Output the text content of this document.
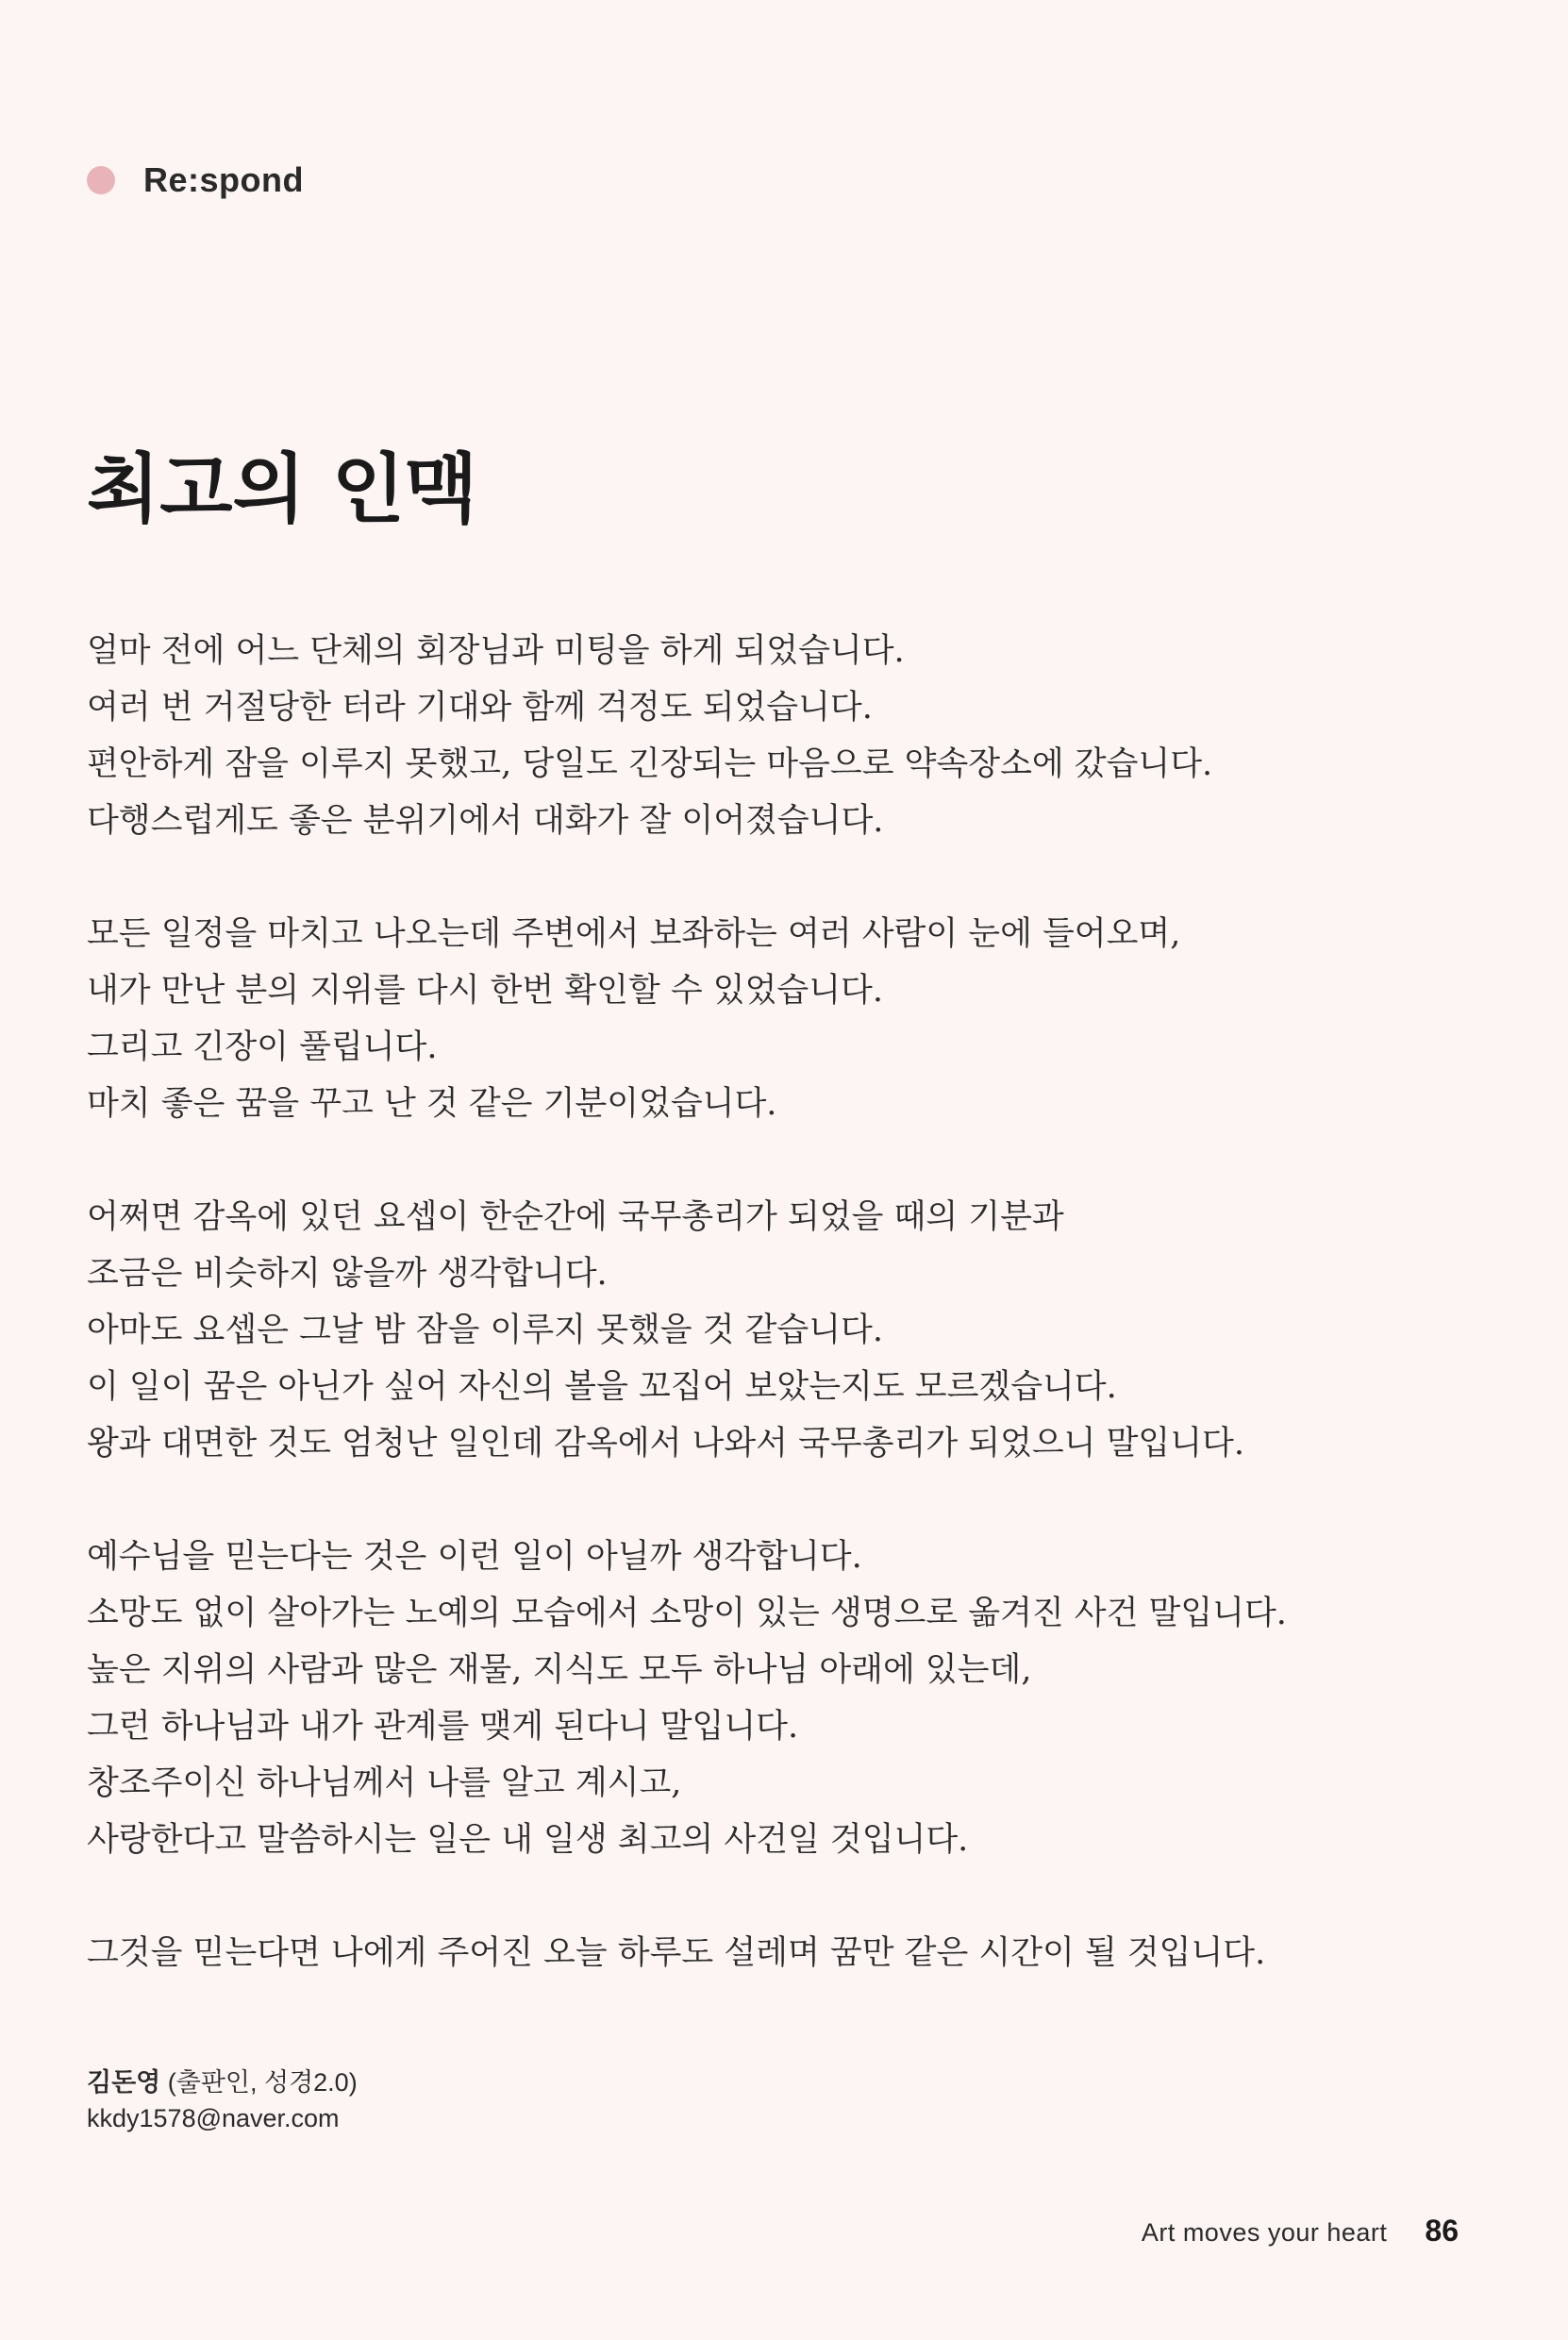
Re:spond
최고의 인맥

얼마 전에 어느 단체의 회장님과 미팅을 하게 되었습니다.
여러 번 거절당한 터라 기대와 함께 걱정도 되었습니다.
편안하게 잠을 이루지 못했고, 당일도 긴장되는 마음으로 약속장소에 갔습니다.
다행스럽게도 좋은 분위기에서 대화가 잘 이어졌습니다.

모든 일정을 마치고 나오는데 주변에서 보좌하는 여러 사람이 눈에 들어오며,
내가 만난 분의 지위를 다시 한번 확인할 수 있었습니다.
그리고 긴장이 풀립니다.
마치 좋은 꿈을 꾸고 난 것 같은 기분이었습니다.

어쩌면 감옥에 있던 요셉이 한순간에 국무총리가 되었을 때의 기분과
조금은 비슷하지 않을까 생각합니다.
아마도 요셉은 그날 밤 잠을 이루지 못했을 것 같습니다.
이 일이 꿈은 아닌가 싶어 자신의 볼을 꼬집어 보았는지도 모르겠습니다.
왕과 대면한 것도 엄청난 일인데 감옥에서 나와서 국무총리가 되었으니 말입니다.

예수님을 믿는다는 것은 이런 일이 아닐까 생각합니다.
소망도 없이 살아가는 노예의 모습에서 소망이 있는 생명으로 옮겨진 사건 말입니다.
높은 지위의 사람과 많은 재물, 지식도 모두 하나님 아래에 있는데,
그런 하나님과 내가 관계를 맺게 된다니 말입니다.
창조주이신 하나님께서 나를 알고 계시고,
사랑한다고 말씀하시는 일은 내 일생 최고의 사건일 것입니다.

그것을 믿는다면 나에게 주어진 오늘 하루도 설레며 꿈만 같은 시간이 될 것입니다.

김돈영 (출판인, 성경2.0)
kkdy1578@naver.com
Art moves your heart 86
